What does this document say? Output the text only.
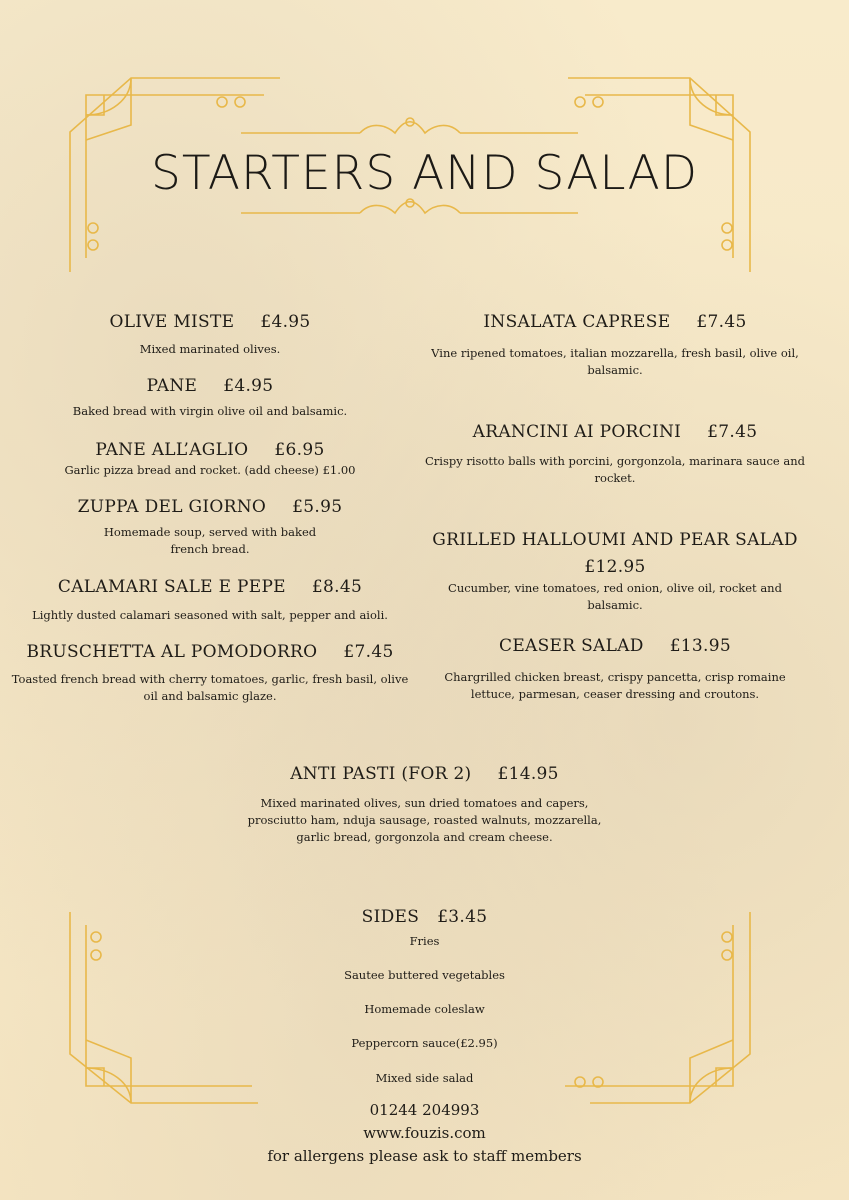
STARTERS AND SALAD
OLIVE MISTE £4.95
Mixed marinated olives.
PANE £4.95
Baked bread with virgin olive oil and balsamic.
PANE ALL’AGLIO £6.95
Garlic pizza bread and rocket. (add cheese) £1.00
ZUPPA DEL GIORNO £5.95
Homemade soup, served with baked
french bread.
CALAMARI SALE E PEPE £8.45
Lightly dusted calamari seasoned with salt, pepper and aioli.
BRUSCHETTA AL POMODORRO £7.45
Toasted french bread with cherry tomatoes, garlic, fresh basil, olive
oil and balsamic glaze.
INSALATA CAPRESE £7.45
Vine ripened tomatoes, italian mozzarella, fresh basil, olive oil,
balsamic.
ARANCINI AI PORCINI £7.45
Crispy risotto balls with porcini, gorgonzola, marinara sauce and
rocket.
GRILLED HALLOUMI AND PEAR SALAD
£12.95
Cucumber, vine tomatoes, red onion, olive oil, rocket and
balsamic.
CEASER SALAD £13.95
Chargrilled chicken breast, crispy pancetta, crisp romaine
lettuce, parmesan, ceaser dressing and croutons.
ANTI PASTI (FOR 2) £14.95
Mixed marinated olives, sun dried tomatoes and capers,
prosciutto ham, nduja sausage, roasted walnuts, mozzarella,
garlic bread, gorgonzola and cream cheese.
SIDES £3.45
Fries
Sautee buttered vegetables
Homemade coleslaw
Peppercorn sauce(£2.95)
Mixed side salad
01244 204993
www.fouzis.com
for allergens please ask to staff members
